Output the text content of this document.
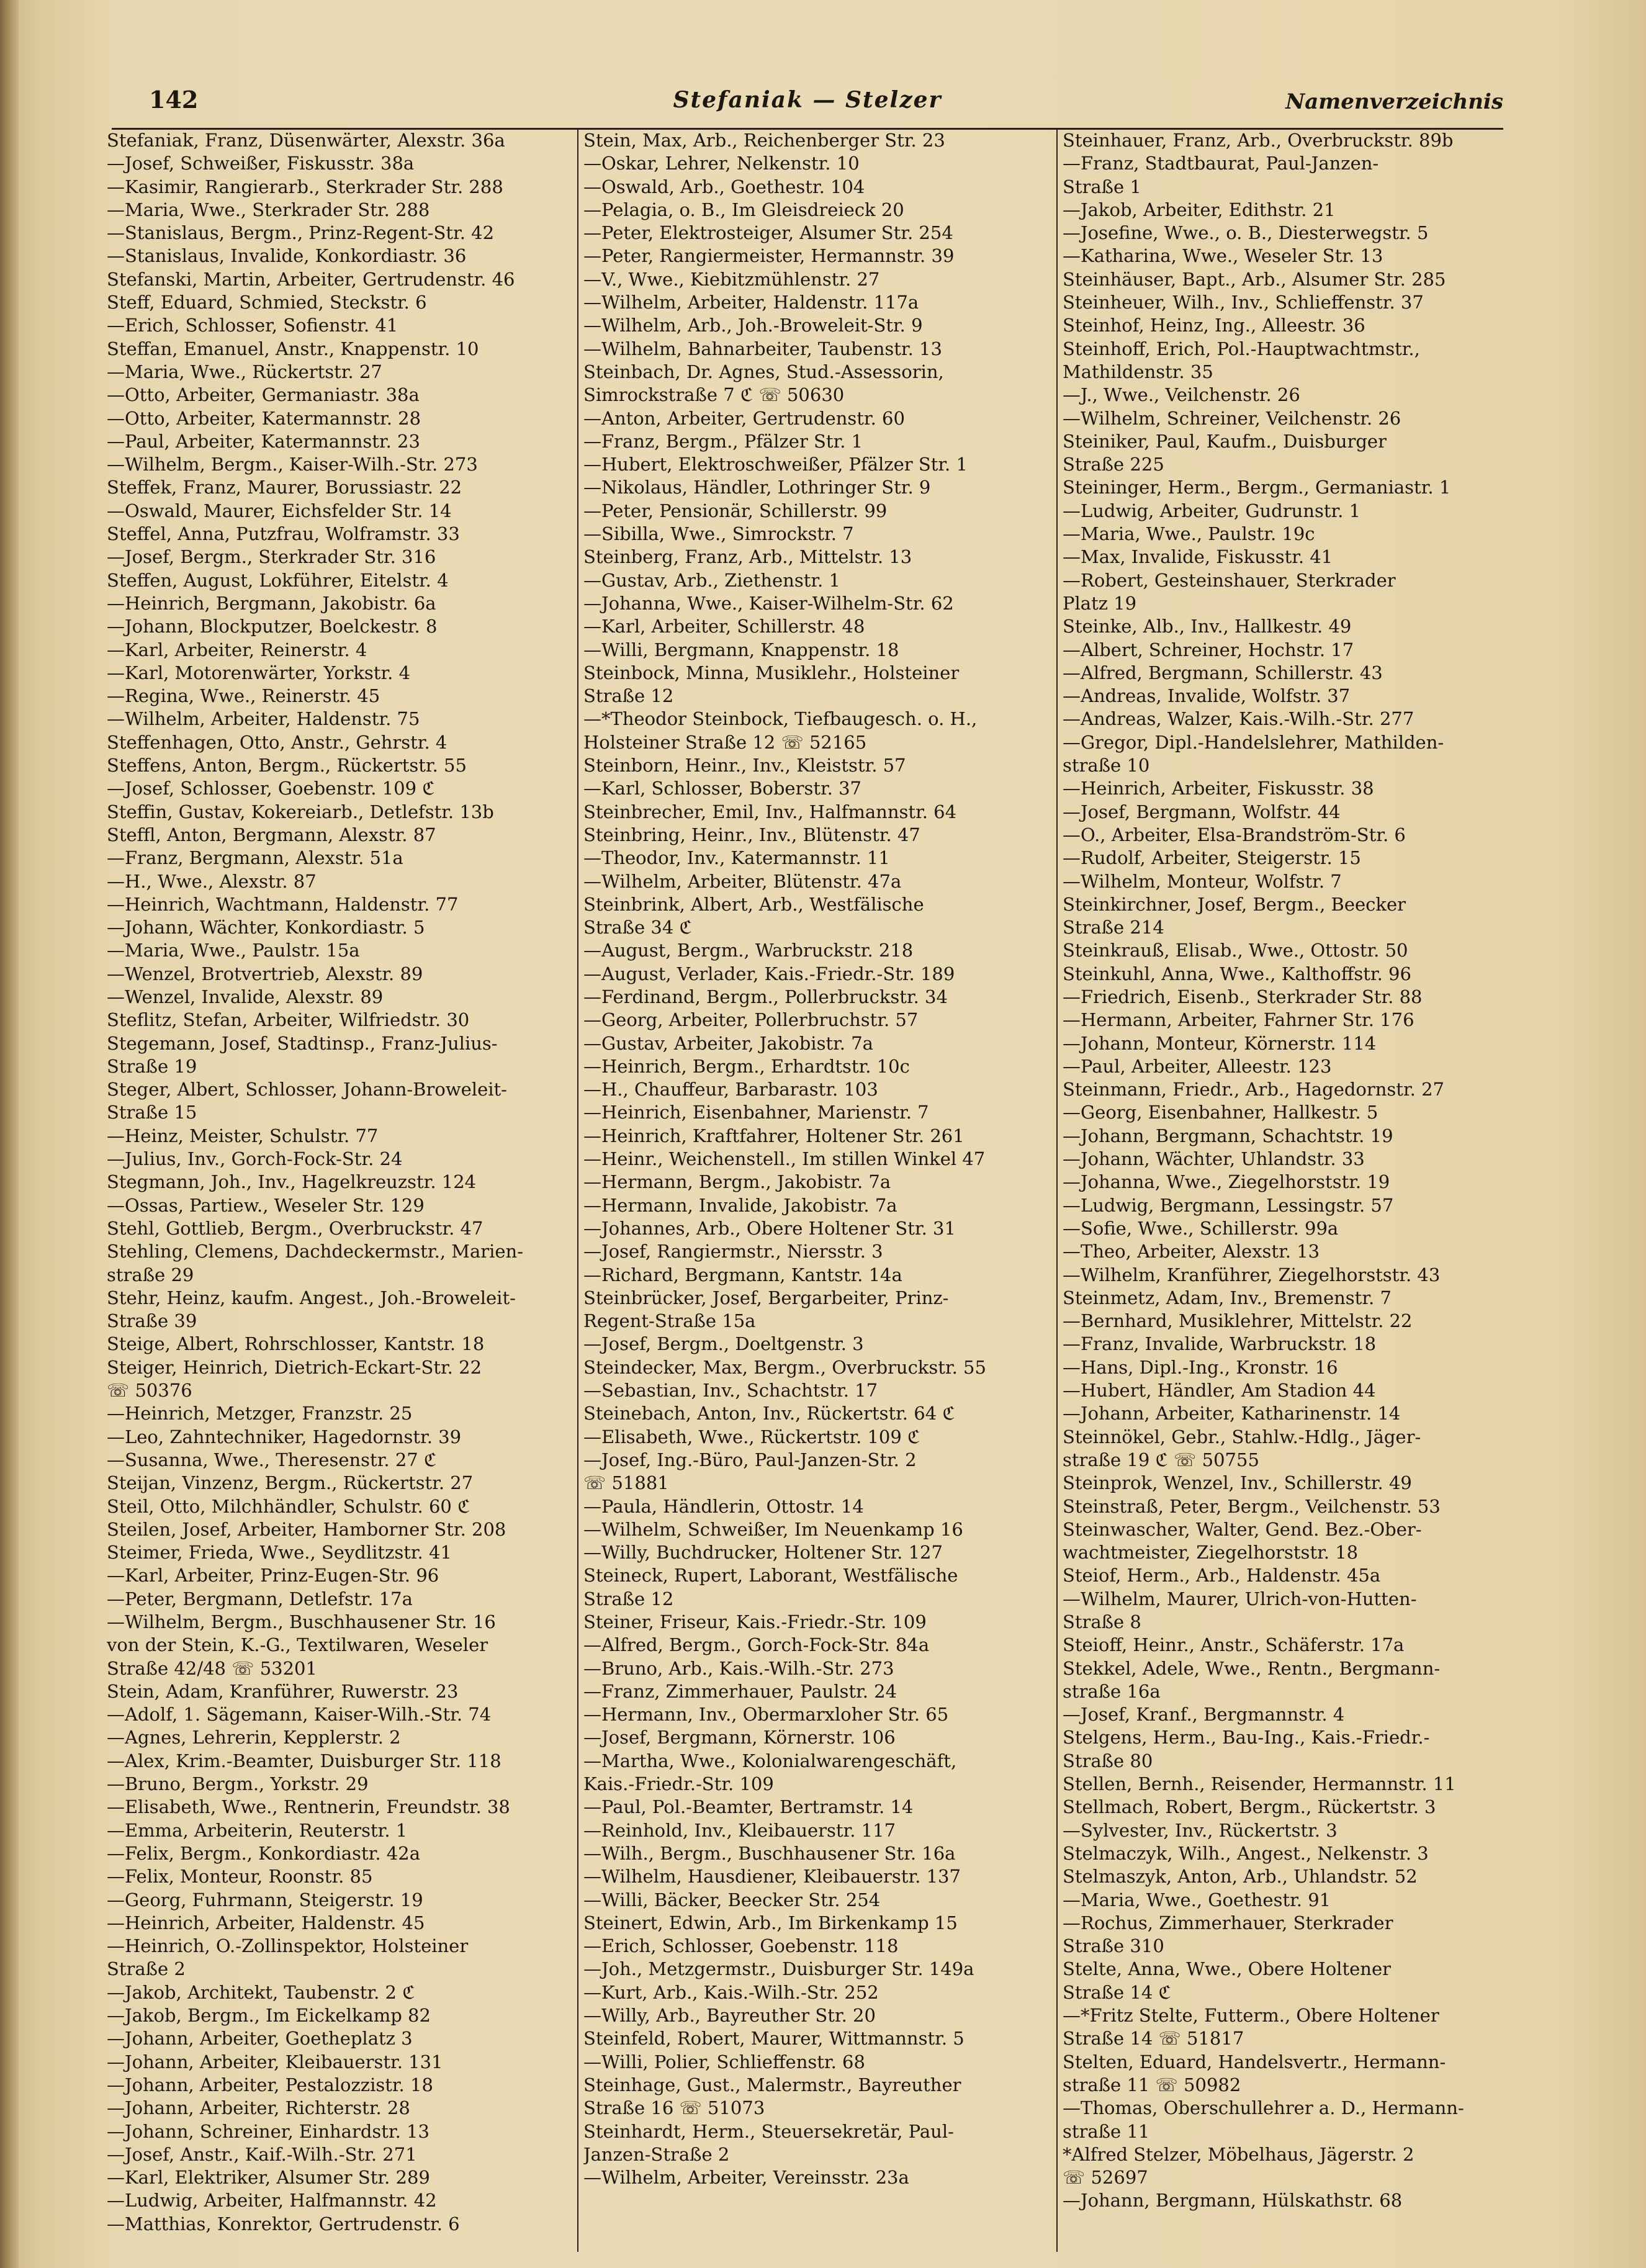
142	Stefaniak — Stelzer	Namenverzeichnis
Stefaniak, Franz, Düsenwärter, Alexstr. 36a
—Josef, Schweißer, Fiskusstr. 38a
—Kasimir, Rangierarb., Sterkrader Str. 288
—Maria, Wwe., Sterkrader Str. 288
—Stanislaus, Bergm., Prinz-Regent-Str. 42
—Stanislaus, Invalide, Konkordiastr. 36
Stefanski, Martin, Arbeiter, Gertrudenstr. 46
Steff, Eduard, Schmied, Steckstr. 6
—Erich, Schlosser, Sofienstr. 41
Steffan, Emanuel, Anstr., Knappenstr. 10
—Maria, Wwe., Rückertstr. 27
—Otto, Arbeiter, Germaniastr. 38a
—Otto, Arbeiter, Katermannstr. 28
—Paul, Arbeiter, Katermannstr. 23
—Wilhelm, Bergm., Kaiser-Wilh.-Str. 273
Steffek, Franz, Maurer, Borussiastr. 22
—Oswald, Maurer, Eichsfelder Str. 14
Steffel, Anna, Putzfrau, Wolframstr. 33
—Josef, Bergm., Sterkrader Str. 316
Steffen, August, Lokführer, Eitelstr. 4
—Heinrich, Bergmann, Jakobistr. 6a
—Johann, Blockputzer, Boelckestr. 8
—Karl, Arbeiter, Reinerstr. 4
—Karl, Motorenwärter, Yorkstr. 4
—Regina, Wwe., Reinerstr. 45
—Wilhelm, Arbeiter, Haldenstr. 75
Steffenhagen, Otto, Anstr., Gehrstr. 4
Steffens, Anton, Bergm., Rückertstr. 55
—Josef, Schlosser, Goebenstr. 109 ℭ
Steffin, Gustav, Kokereiarb., Detlefstr. 13b
Steffl, Anton, Bergmann, Alexstr. 87
—Franz, Bergmann, Alexstr. 51a
—H., Wwe., Alexstr. 87
—Heinrich, Wachtmann, Haldenstr. 77
—Johann, Wächter, Konkordiastr. 5
—Maria, Wwe., Paulstr. 15a
—Wenzel, Brotvertrieb, Alexstr. 89
—Wenzel, Invalide, Alexstr. 89
Steflitz, Stefan, Arbeiter, Wilfriedstr. 30
Stegemann, Josef, Stadtinsp., Franz-Julius-
Straße 19
Steger, Albert, Schlosser, Johann-Broweleit-
Straße 15
—Heinz, Meister, Schulstr. 77
—Julius, Inv., Gorch-Fock-Str. 24
Stegmann, Joh., Inv., Hagelkreuzstr. 124
—Ossas, Partiew., Weseler Str. 129
Stehl, Gottlieb, Bergm., Overbruckstr. 47
Stehling, Clemens, Dachdeckermstr., Marien-
straße 29
Stehr, Heinz, kaufm. Angest., Joh.-Broweleit-
Straße 39
Steige, Albert, Rohrschlosser, Kantstr. 18
Steiger, Heinrich, Dietrich-Eckart-Str. 22
☏ 50376
—Heinrich, Metzger, Franzstr. 25
—Leo, Zahntechniker, Hagedornstr. 39
—Susanna, Wwe., Theresenstr. 27 ℭ
Steijan, Vinzenz, Bergm., Rückertstr. 27
Steil, Otto, Milchhändler, Schulstr. 60 ℭ
Steilen, Josef, Arbeiter, Hamborner Str. 208
Steimer, Frieda, Wwe., Seydlitzstr. 41
—Karl, Arbeiter, Prinz-Eugen-Str. 96
—Peter, Bergmann, Detlefstr. 17a
—Wilhelm, Bergm., Buschhausener Str. 16
von der Stein, K.-G., Textilwaren, Weseler
Straße 42/48 ☏ 53201
Stein, Adam, Kranführer, Ruwerstr. 23
—Adolf, 1. Sägemann, Kaiser-Wilh.-Str. 74
—Agnes, Lehrerin, Kepplerstr. 2
—Alex, Krim.-Beamter, Duisburger Str. 118
—Bruno, Bergm., Yorkstr. 29
—Elisabeth, Wwe., Rentnerin, Freundstr. 38
—Emma, Arbeiterin, Reuterstr. 1
—Felix, Bergm., Konkordiastr. 42a
—Felix, Monteur, Roonstr. 85
—Georg, Fuhrmann, Steigerstr. 19
—Heinrich, Arbeiter, Haldenstr. 45
—Heinrich, O.-Zollinspektor, Holsteiner
Straße 2
—Jakob, Architekt, Taubenstr. 2 ℭ
—Jakob, Bergm., Im Eickelkamp 82
—Johann, Arbeiter, Goetheplatz 3
—Johann, Arbeiter, Kleibauerstr. 131
—Johann, Arbeiter, Pestalozzistr. 18
—Johann, Arbeiter, Richterstr. 28
—Johann, Schreiner, Einhardstr. 13
—Josef, Anstr., Kaif.-Wilh.-Str. 271
—Karl, Elektriker, Alsumer Str. 289
—Ludwig, Arbeiter, Halfmannstr. 42
—Matthias, Konrektor, Gertrudenstr. 6
Stein, Max, Arb., Reichenberger Str. 23
—Oskar, Lehrer, Nelkenstr. 10
—Oswald, Arb., Goethestr. 104
—Pelagia, o. B., Im Gleisdreieck 20
—Peter, Elektrosteiger, Alsumer Str. 254
—Peter, Rangiermeister, Hermannstr. 39
—V., Wwe., Kiebitzmühlenstr. 27
—Wilhelm, Arbeiter, Haldenstr. 117a
—Wilhelm, Arb., Joh.-Broweleit-Str. 9
—Wilhelm, Bahnarbeiter, Taubenstr. 13
Steinbach, Dr. Agnes, Stud.-Assessorin,
Simrockstraße 7 ℭ ☏ 50630
—Anton, Arbeiter, Gertrudenstr. 60
—Franz, Bergm., Pfälzer Str. 1
—Hubert, Elektroschweißer, Pfälzer Str. 1
—Nikolaus, Händler, Lothringer Str. 9
—Peter, Pensionär, Schillerstr. 99
—Sibilla, Wwe., Simrockstr. 7
Steinberg, Franz, Arb., Mittelstr. 13
—Gustav, Arb., Ziethenstr. 1
—Johanna, Wwe., Kaiser-Wilhelm-Str. 62
—Karl, Arbeiter, Schillerstr. 48
—Willi, Bergmann, Knappenstr. 18
Steinbock, Minna, Musiklehr., Holsteiner
Straße 12
—*Theodor Steinbock, Tiefbaugesch. o. H.,
Holsteiner Straße 12 ☏ 52165
Steinborn, Heinr., Inv., Kleiststr. 57
—Karl, Schlosser, Boberstr. 37
Steinbrecher, Emil, Inv., Halfmannstr. 64
Steinbring, Heinr., Inv., Blütenstr. 47
—Theodor, Inv., Katermannstr. 11
—Wilhelm, Arbeiter, Blütenstr. 47a
Steinbrink, Albert, Arb., Westfälische
Straße 34 ℭ
—August, Bergm., Warbruckstr. 218
—August, Verlader, Kais.-Friedr.-Str. 189
—Ferdinand, Bergm., Pollerbruckstr. 34
—Georg, Arbeiter, Pollerbruchstr. 57
—Gustav, Arbeiter, Jakobistr. 7a
—Heinrich, Bergm., Erhardtstr. 10c
—H., Chauffeur, Barbarastr. 103
—Heinrich, Eisenbahner, Marienstr. 7
—Heinrich, Kraftfahrer, Holtener Str. 261
—Heinr., Weichenstell., Im stillen Winkel 47
—Hermann, Bergm., Jakobistr. 7a
—Hermann, Invalide, Jakobistr. 7a
—Johannes, Arb., Obere Holtener Str. 31
—Josef, Rangiermstr., Niersstr. 3
—Richard, Bergmann, Kantstr. 14a
Steinbrücker, Josef, Bergarbeiter, Prinz-
Regent-Straße 15a
—Josef, Bergm., Doeltgenstr. 3
Steindecker, Max, Bergm., Overbruckstr. 55
—Sebastian, Inv., Schachtstr. 17
Steinebach, Anton, Inv., Rückertstr. 64 ℭ
—Elisabeth, Wwe., Rückertstr. 109 ℭ
—Josef, Ing.-Büro, Paul-Janzen-Str. 2
☏ 51881
—Paula, Händlerin, Ottostr. 14
—Wilhelm, Schweißer, Im Neuenkamp 16
—Willy, Buchdrucker, Holtener Str. 127
Steineck, Rupert, Laborant, Westfälische
Straße 12
Steiner, Friseur, Kais.-Friedr.-Str. 109
—Alfred, Bergm., Gorch-Fock-Str. 84a
—Bruno, Arb., Kais.-Wilh.-Str. 273
—Franz, Zimmerhauer, Paulstr. 24
—Hermann, Inv., Obermarxloher Str. 65
—Josef, Bergmann, Körnerstr. 106
—Martha, Wwe., Kolonialwarengeschäft,
Kais.-Friedr.-Str. 109
—Paul, Pol.-Beamter, Bertramstr. 14
—Reinhold, Inv., Kleibauerstr. 117
—Wilh., Bergm., Buschhausener Str. 16a
—Wilhelm, Hausdiener, Kleibauerstr. 137
—Willi, Bäcker, Beecker Str. 254
Steinert, Edwin, Arb., Im Birkenkamp 15
—Erich, Schlosser, Goebenstr. 118
—Joh., Metzgermstr., Duisburger Str. 149a
—Kurt, Arb., Kais.-Wilh.-Str. 252
—Willy, Arb., Bayreuther Str. 20
Steinfeld, Robert, Maurer, Wittmannstr. 5
—Willi, Polier, Schlieffenstr. 68
Steinhage, Gust., Malermstr., Bayreuther
Straße 16 ☏ 51073
Steinhardt, Herm., Steuersekretär, Paul-
Janzen-Straße 2
—Wilhelm, Arbeiter, Vereinsstr. 23a
Steinhauer, Franz, Arb., Overbruckstr. 89b
—Franz, Stadtbaurat, Paul-Janzen-
Straße 1
—Jakob, Arbeiter, Edithstr. 21
—Josefine, Wwe., o. B., Diesterwegstr. 5
—Katharina, Wwe., Weseler Str. 13
Steinhäuser, Bapt., Arb., Alsumer Str. 285
Steinheuer, Wilh., Inv., Schlieffenstr. 37
Steinhof, Heinz, Ing., Alleestr. 36
Steinhoff, Erich, Pol.-Hauptwachtmstr.,
Mathildenstr. 35
—J., Wwe., Veilchenstr. 26
—Wilhelm, Schreiner, Veilchenstr. 26
Steiniker, Paul, Kaufm., Duisburger
Straße 225
Steininger, Herm., Bergm., Germaniastr. 1
—Ludwig, Arbeiter, Gudrunstr. 1
—Maria, Wwe., Paulstr. 19c
—Max, Invalide, Fiskusstr. 41
—Robert, Gesteinshauer, Sterkrader
Platz 19
Steinke, Alb., Inv., Hallkestr. 49
—Albert, Schreiner, Hochstr. 17
—Alfred, Bergmann, Schillerstr. 43
—Andreas, Invalide, Wolfstr. 37
—Andreas, Walzer, Kais.-Wilh.-Str. 277
—Gregor, Dipl.-Handelslehrer, Mathilden-
straße 10
—Heinrich, Arbeiter, Fiskusstr. 38
—Josef, Bergmann, Wolfstr. 44
—O., Arbeiter, Elsa-Brandström-Str. 6
—Rudolf, Arbeiter, Steigerstr. 15
—Wilhelm, Monteur, Wolfstr. 7
Steinkirchner, Josef, Bergm., Beecker
Straße 214
Steinkrauß, Elisab., Wwe., Ottostr. 50
Steinkuhl, Anna, Wwe., Kalthoffstr. 96
—Friedrich, Eisenb., Sterkrader Str. 88
—Hermann, Arbeiter, Fahrner Str. 176
—Johann, Monteur, Körnerstr. 114
—Paul, Arbeiter, Alleestr. 123
Steinmann, Friedr., Arb., Hagedornstr. 27
—Georg, Eisenbahner, Hallkestr. 5
—Johann, Bergmann, Schachtstr. 19
—Johann, Wächter, Uhlandstr. 33
—Johanna, Wwe., Ziegelhorststr. 19
—Ludwig, Bergmann, Lessingstr. 57
—Sofie, Wwe., Schillerstr. 99a
—Theo, Arbeiter, Alexstr. 13
—Wilhelm, Kranführer, Ziegelhorststr. 43
Steinmetz, Adam, Inv., Bremenstr. 7
—Bernhard, Musiklehrer, Mittelstr. 22
—Franz, Invalide, Warbruckstr. 18
—Hans, Dipl.-Ing., Kronstr. 16
—Hubert, Händler, Am Stadion 44
—Johann, Arbeiter, Katharinenstr. 14
Steinnökel, Gebr., Stahlw.-Hdlg., Jäger-
straße 19 ℭ ☏ 50755
Steinprok, Wenzel, Inv., Schillerstr. 49
Steinstraß, Peter, Bergm., Veilchenstr. 53
Steinwascher, Walter, Gend. Bez.-Ober-
wachtmeister, Ziegelhorststr. 18
Steiof, Herm., Arb., Haldenstr. 45a
—Wilhelm, Maurer, Ulrich-von-Hutten-
Straße 8
Steioff, Heinr., Anstr., Schäferstr. 17a
Stekkel, Adele, Wwe., Rentn., Bergmann-
straße 16a
—Josef, Kranf., Bergmannstr. 4
Stelgens, Herm., Bau-Ing., Kais.-Friedr.-
Straße 80
Stellen, Bernh., Reisender, Hermannstr. 11
Stellmach, Robert, Bergm., Rückertstr. 3
—Sylvester, Inv., Rückertstr. 3
Stelmaczyk, Wilh., Angest., Nelkenstr. 3
Stelmaszyk, Anton, Arb., Uhlandstr. 52
—Maria, Wwe., Goethestr. 91
—Rochus, Zimmerhauer, Sterkrader
Straße 310
Stelte, Anna, Wwe., Obere Holtener
Straße 14 ℭ
—*Fritz Stelte, Futterm., Obere Holtener
Straße 14 ☏ 51817
Stelten, Eduard, Handelsvertr., Hermann-
straße 11 ☏ 50982
—Thomas, Oberschullehrer a. D., Hermann-
straße 11
*Alfred Stelzer, Möbelhaus, Jägerstr. 2
☏ 52697
—Johann, Bergmann, Hülskathstr. 68
